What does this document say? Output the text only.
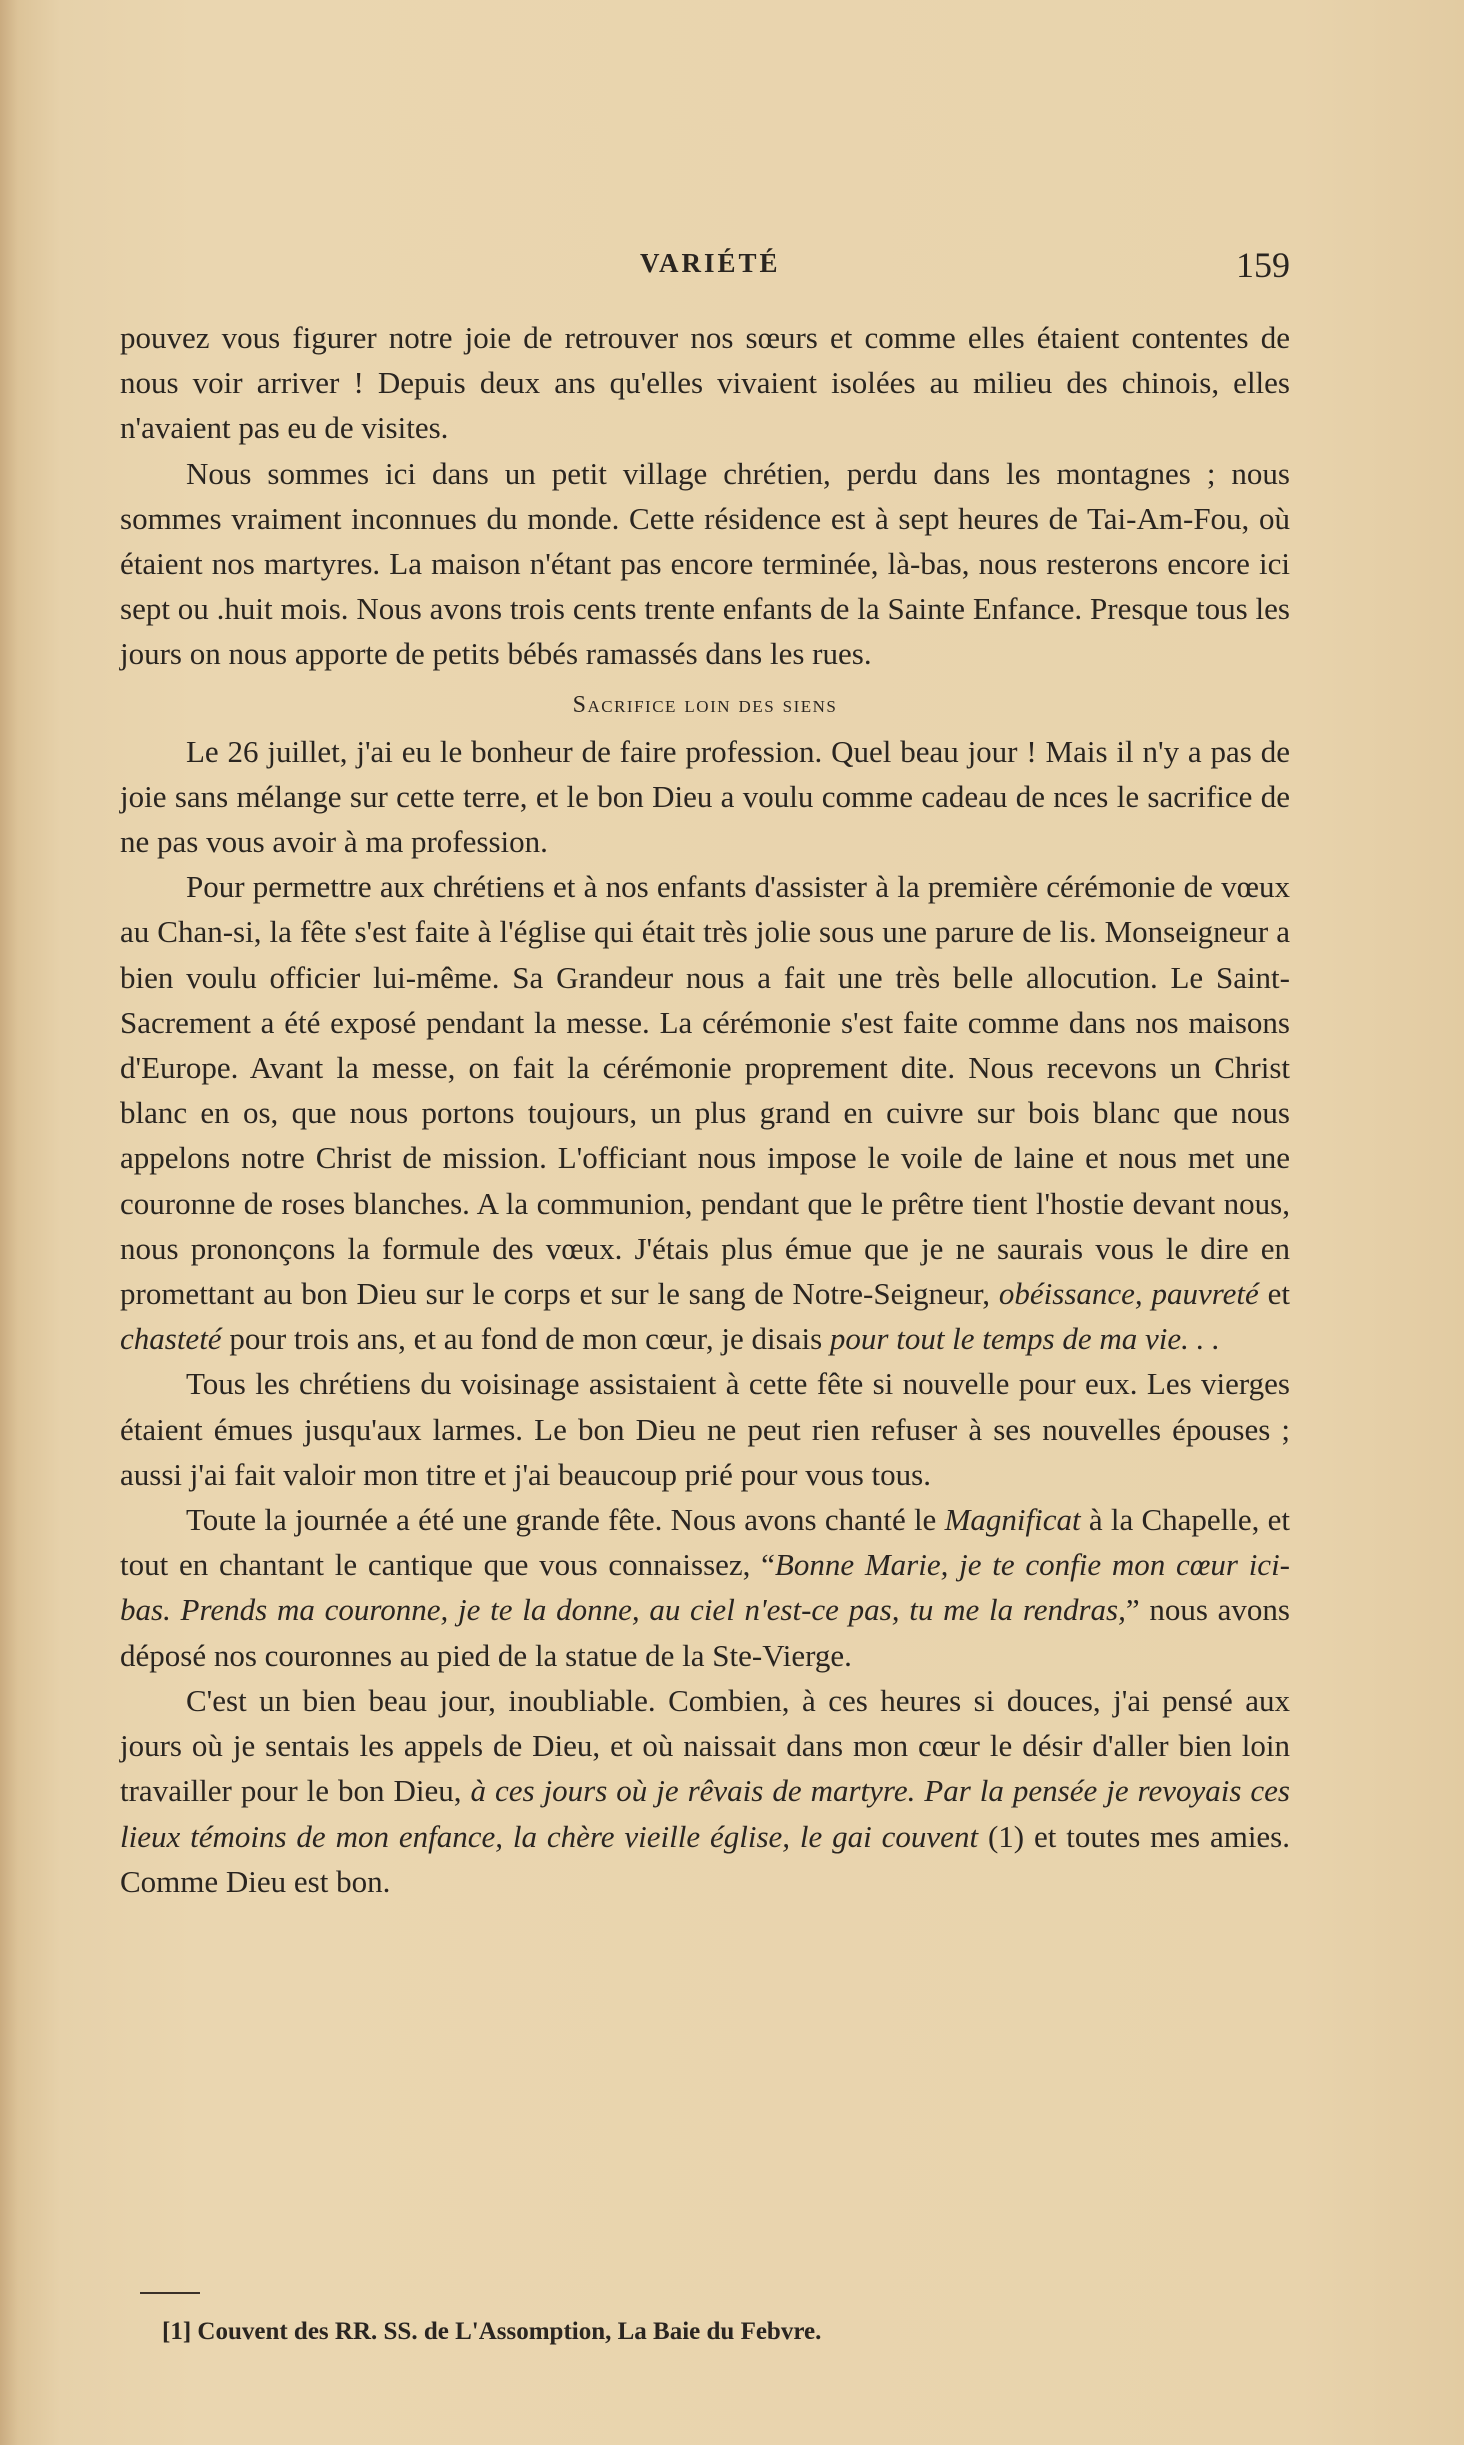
VARIÉTÉ	159

pouvez vous figurer notre joie de retrouver nos sœurs et comme elles étaient contentes de nous voir arriver ! Depuis deux ans qu'elles vivaient isolées au milieu des chinois, elles n'avaient pas eu de visites.

Nous sommes ici dans un petit village chrétien, perdu dans les montagnes ; nous sommes vraiment inconnues du monde. Cette résidence est à sept heures de Tai-Am-Fou, où étaient nos martyres. La maison n'étant pas encore terminée, là-bas, nous resterons encore ici sept ou .huit mois. Nous avons trois cents trente enfants de la Sainte Enfance. Presque tous les jours on nous apporte de petits bébés ramassés dans les rues.

Sacrifice loin des siens

Le 26 juillet, j'ai eu le bonheur de faire profession. Quel beau jour ! Mais il n'y a pas de joie sans mélange sur cette terre, et le bon Dieu a voulu comme cadeau de nces le sacrifice de ne pas vous avoir à ma profession.

Pour permettre aux chrétiens et à nos enfants d'assister à la première cérémonie de vœux au Chan-si, la fête s'est faite à l'église qui était très jolie sous une parure de lis. Monseigneur a bien voulu officier lui-même. Sa Grandeur nous a fait une très belle allocution. Le Saint-Sacrement a été exposé pendant la messe. La cérémonie s'est faite comme dans nos maisons d'Europe. Avant la messe, on fait la cérémonie proprement dite. Nous recevons un Christ blanc en os, que nous portons toujours, un plus grand en cuivre sur bois blanc que nous appelons notre Christ de mission. L'officiant nous impose le voile de laine et nous met une couronne de roses blanches. A la communion, pendant que le prêtre tient l'hostie devant nous, nous prononçons la formule des vœux. J'étais plus émue que je ne saurais vous le dire en promettant au bon Dieu sur le corps et sur le sang de Notre-Seigneur, obéissance, pauvreté et chasteté pour trois ans, et au fond de mon cœur, je disais pour tout le temps de ma vie. . .

Tous les chrétiens du voisinage assistaient à cette fête si nouvelle pour eux. Les vierges étaient émues jusqu'aux larmes. Le bon Dieu ne peut rien refuser à ses nouvelles épouses ; aussi j'ai fait valoir mon titre et j'ai beaucoup prié pour vous tous.

Toute la journée a été une grande fête. Nous avons chanté le Magnificat à la Chapelle, et tout en chantant le cantique que vous connaissez, “Bonne Marie, je te confie mon cœur ici-bas. Prends ma couronne, je te la donne, au ciel n'est-ce pas, tu me la rendras,” nous avons déposé nos couronnes au pied de la statue de la Ste-Vierge.

C'est un bien beau jour, inoubliable. Combien, à ces heures si douces, j'ai pensé aux jours où je sentais les appels de Dieu, et où naissait dans mon cœur le désir d'aller bien loin travailler pour le bon Dieu, à ces jours où je rêvais de martyre. Par la pensée je revoyais ces lieux témoins de mon enfance, la chère vieille église, le gai couvent (1) et toutes mes amies. Comme Dieu est bon.

[1] Couvent des RR. SS. de L'Assomption, La Baie du Febvre.
